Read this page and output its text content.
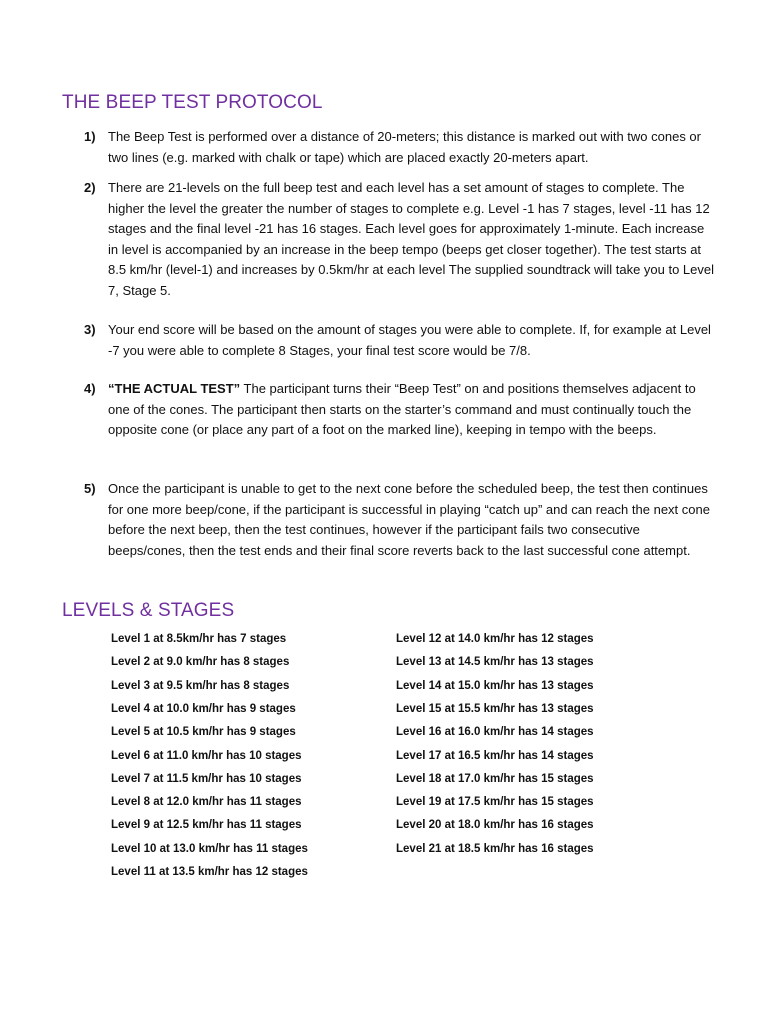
THE BEEP TEST PROTOCOL
1) The Beep Test is performed over a distance of 20-meters; this distance is marked out with two cones or two lines (e.g. marked with chalk or tape) which are placed exactly 20-meters apart.
2) There are 21-levels on the full beep test and each level has a set amount of stages to complete. The higher the level the greater the number of stages to complete e.g. Level -1 has 7 stages, level -11 has 12 stages and the final level -21 has 16 stages. Each level goes for approximately 1-minute. Each increase in level is accompanied by an increase in the beep tempo (beeps get closer together). The test starts at 8.5 km/hr (level-1) and increases by 0.5km/hr at each level The supplied soundtrack will take you to Level 7, Stage 5.
3) Your end score will be based on the amount of stages you were able to complete. If, for example at Level -7 you were able to complete 8 Stages, your final test score would be 7/8.
4) “THE ACTUAL TEST” The participant turns their “Beep Test” on and positions themselves adjacent to one of the cones. The participant then starts on the starter’s command and must continually touch the opposite cone (or place any part of a foot on the marked line), keeping in tempo with the beeps.
5) Once the participant is unable to get to the next cone before the scheduled beep, the test then continues for one more beep/cone, if the participant is successful in playing “catch up” and can reach the next cone before the next beep, then the test continues, however if the participant fails two consecutive beeps/cones, then the test ends and their final score reverts back to the last successful cone attempt.
LEVELS & STAGES
Level 1 at 8.5km/hr has 7 stages
Level 2 at 9.0 km/hr has 8 stages
Level 3 at 9.5 km/hr has 8 stages
Level 4 at 10.0 km/hr has 9 stages
Level 5 at 10.5 km/hr has 9 stages
Level 6 at 11.0 km/hr has 10 stages
Level 7 at 11.5 km/hr has 10 stages
Level 8 at 12.0 km/hr has 11 stages
Level 9 at 12.5 km/hr has 11 stages
Level 10 at 13.0 km/hr has 11 stages
Level 11 at 13.5 km/hr has 12 stages
Level 12 at 14.0 km/hr has 12 stages
Level 13 at 14.5 km/hr has 13 stages
Level 14 at 15.0 km/hr has 13 stages
Level 15 at 15.5 km/hr has 13 stages
Level 16 at 16.0 km/hr has 14 stages
Level 17 at 16.5 km/hr has 14 stages
Level 18 at 17.0 km/hr has 15 stages
Level 19 at 17.5 km/hr has 15 stages
Level 20 at 18.0 km/hr has 16 stages
Level 21 at 18.5 km/hr has 16 stages
